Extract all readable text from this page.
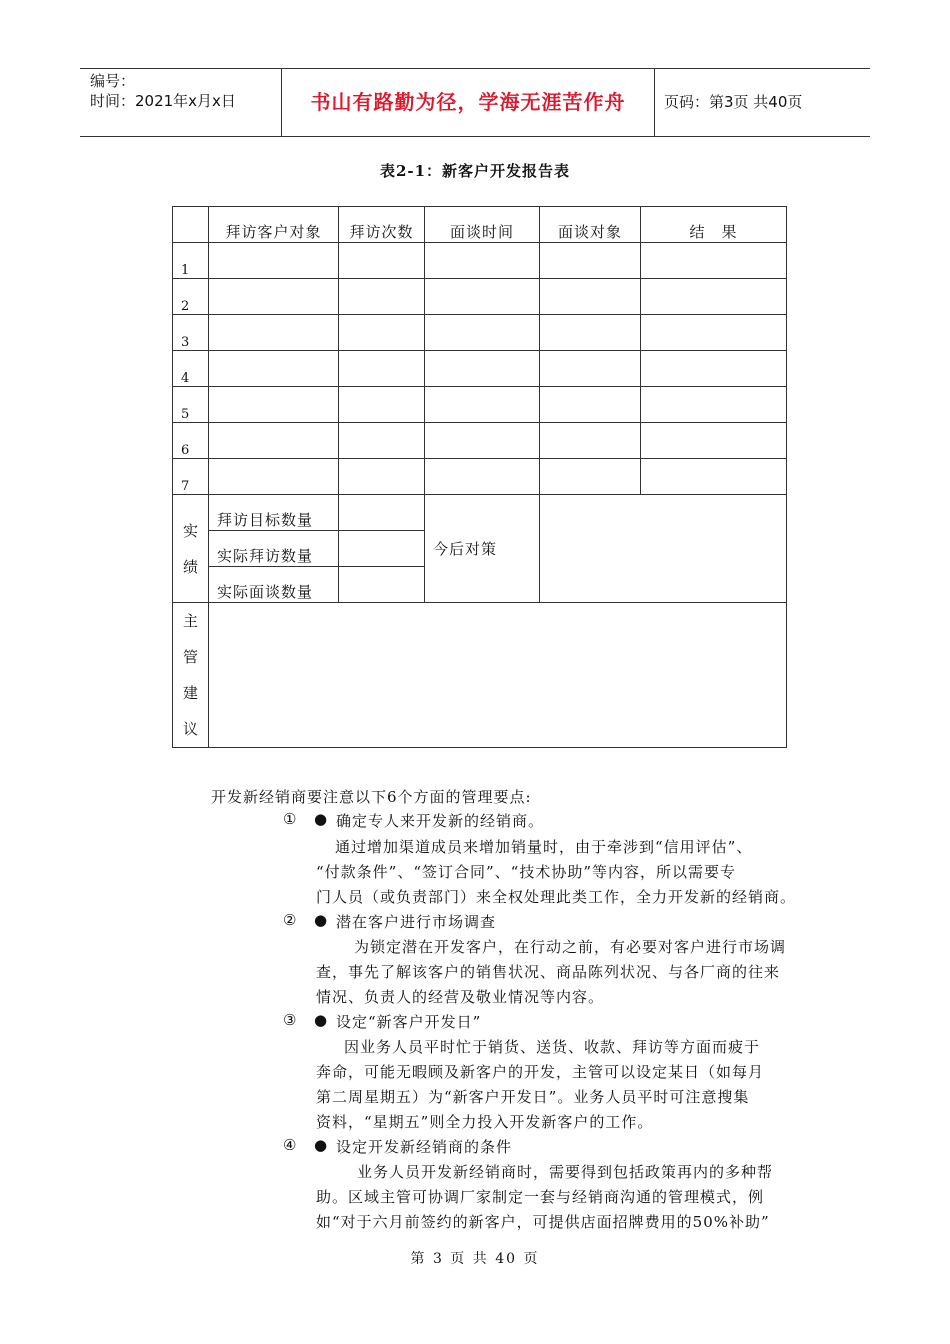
编号：
时间：2021年x月x日	书山有路勤为径，学海无涯苦作舟	页码：第3页 共40页
表2-1：新客户开发报告表
	拜访客户对象	拜访次数	面谈时间	面谈对象	结　果
1					
2					
3					
4					
5					
6					
7					

实
绩	拜访目标数量		今后对策		
	实际拜访数量				
	实际面谈数量				

主
管
建
议					

开发新经销商要注意以下6个方面的管理要点:
① ● 确定专人来开发新的经销商。
通过增加渠道成员来增加销量时，由于牵涉到“信用评估”、
“付款条件”、“签订合同”、“技术协助”等内容，所以需要专
门人员（或负责部门）来全权处理此类工作，全力开发新的经销商。
② ● 潜在客户进行市场调查
为锁定潜在开发客户，在行动之前，有必要对客户进行市场调
查，事先了解该客户的销售状况、商品陈列状况、与各厂商的往来
情况、负责人的经营及敬业情况等内容。
③ ● 设定“新客户开发日”
因业务人员平时忙于销货、送货、收款、拜访等方面而疲于
奔命，可能无暇顾及新客户的开发，主管可以设定某日（如每月
第二周星期五）为“新客户开发日”。业务人员平时可注意搜集
资料，“星期五”则全力投入开发新客户的工作。
④ ● 设定开发新经销商的条件
业务人员开发新经销商时，需要得到包括政策再内的多种帮
助。区域主管可协调厂家制定一套与经销商沟通的管理模式，例
如“对于六月前签约的新客户，可提供店面招牌费用的50%补助”
第 3 页 共 40 页
